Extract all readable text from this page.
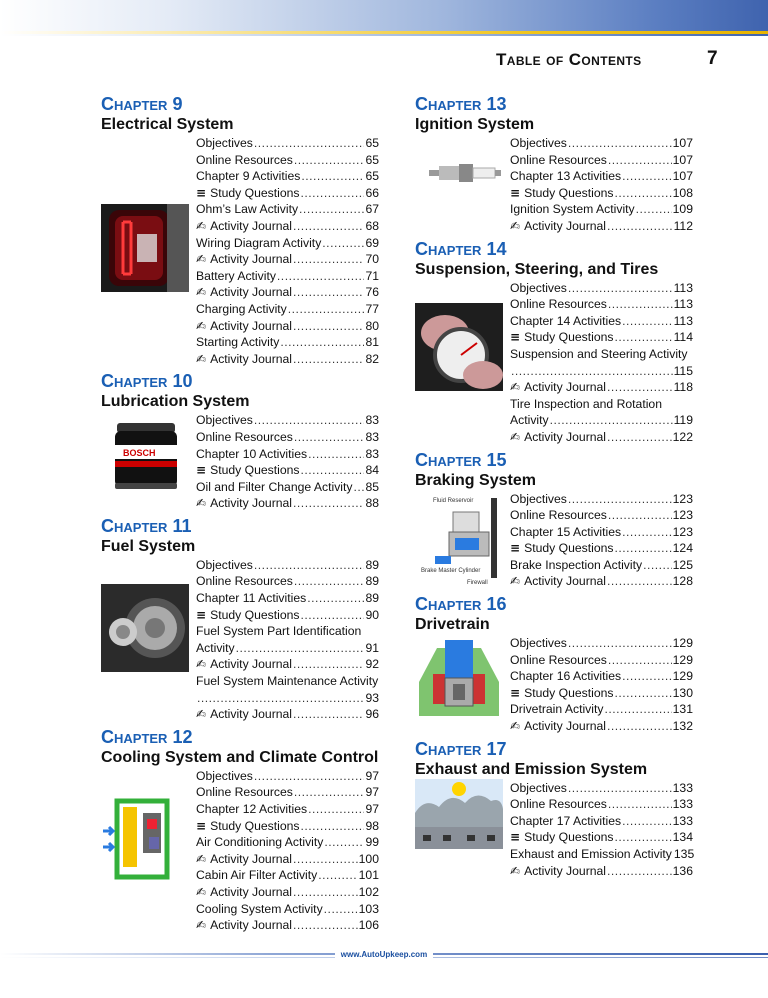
Table of Contents	7
Chapter 9
Electrical System
Objectives .....	65
Online Resources .....	65
Chapter 9 Activities .....	65
≡ Study Questions .....	66
Ohm’s Law Activity .....	67
✍ Activity Journal .....	68
Wiring Diagram Activity .....	69
✍ Activity Journal .....	70
Battery Activity .....	71
✍ Activity Journal .....	76
Charging Activity .....	77
✍ Activity Journal .....	80
Starting Activity .....	81
✍ Activity Journal .....	82
Chapter 10
Lubrication System
Objectives .....	83
Online Resources .....	83
Chapter 10 Activities .....	83
≡ Study Questions .....	84
Oil and Filter Change Activity ..... 85
✍ Activity Journal .....	88
BOSCH
Chapter 11
Fuel System
Objectives .....	89
Online Resources .....	89
Chapter 11 Activities .....	89
≡ Study Questions .....	90
Fuel System Part Identification
Activity .....	91
✍ Activity Journal .....	92
Fuel System Maintenance Activity
.....
93
✍ Activity Journal .....	96
Chapter 12
Cooling System and Climate Control
Objectives .....	97
Online Resources .....	97
Chapter 12 Activities .....	97
≡ Study Questions .....	98
Air Conditioning Activity .....	99
✍ Activity Journal .....	100
Cabin Air Filter Activity .....	101
✍ Activity Journal .....	102
Cooling System Activity .....	103
✍ Activity Journal .....	106
Chapter 13
Ignition System
Objectives .....	107
Online Resources .....	107
Chapter 13 Activities .....	107
≡ Study Questions .....	108
Ignition System Activity .....	109
✍ Activity Journal .....	112
Chapter 14
Suspension, Steering, and Tires
Objectives .....	113
Online Resources .....	113
Chapter 14 Activities .....	113
≡ Study Questions .....	114
Suspension and Steering Activity
.....
115
✍ Activity Journal .....	118
Tire Inspection and Rotation
Activity .....	119
✍ Activity Journal .....	122
Chapter 15
Braking System
Objectives .....	123
Online Resources .....	123
Chapter 15 Activities .....	123
≡ Study Questions .....	124
Brake Inspection Activity .....	125
✍ Activity Journal .....	128
Fluid Reservoir
Brake Master Cylinder
Firewall
Chapter 16
Drivetrain
Objectives .....	129
Online Resources .....	129
Chapter 16 Activities .....	129
≡ Study Questions .....	130
Drivetrain Activity .....	131
✍ Activity Journal .....	132
Chapter 17
Exhaust and Emission System
Objectives .....	133
Online Resources .....	133
Chapter 17 Activities .....	133
≡ Study Questions .....	134
Exhaust and Emission Activity 135
✍ Activity Journal .....	136
www.AutoUpkeep.com
